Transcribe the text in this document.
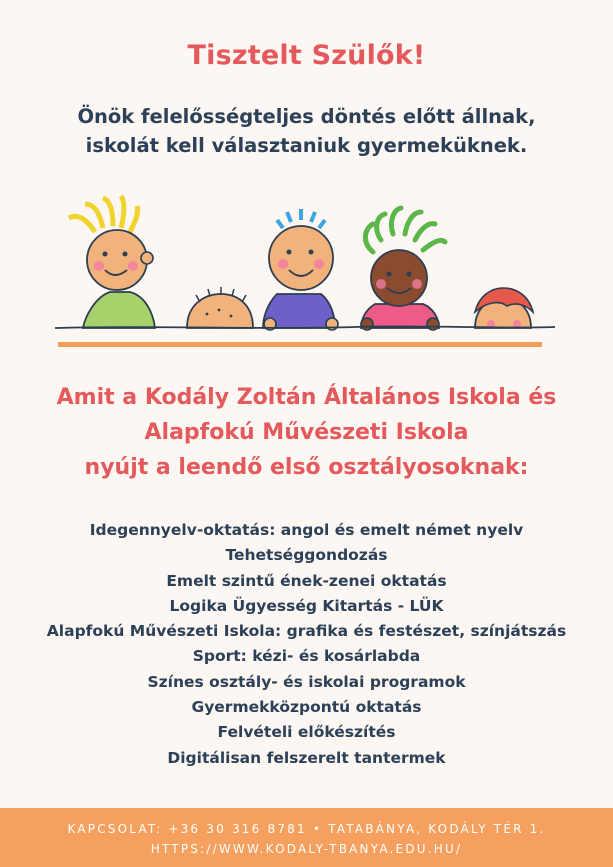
Tisztelt Szülők!
Önök felelősségteljes döntés előtt állnak,
iskolát kell választaniuk gyermeküknek.
Amit a Kodály Zoltán Általános Iskola és
Alapfokú Művészeti Iskola
nyújt a leendő első osztályosoknak:
Idegennyelv-oktatás: angol és emelt német nyelv
Tehetséggondozás
Emelt szintű ének-zenei oktatás
Logika Ügyesség Kitartás - LÜK
Alapfokú Művészeti Iskola: grafika és festészet, színjátszás
Sport: kézi- és kosárlabda
Színes osztály- és iskolai programok
Gyermekközpontú oktatás
Felvételi előkészítés
Digitálisan felszerelt tantermek
KAPCSOLAT: +36 30 316 8781 • TATABÁNYA, KODÁLY TÉR 1.
HTTPS://WWW.KODALY-TBANYA.EDU.HU/
